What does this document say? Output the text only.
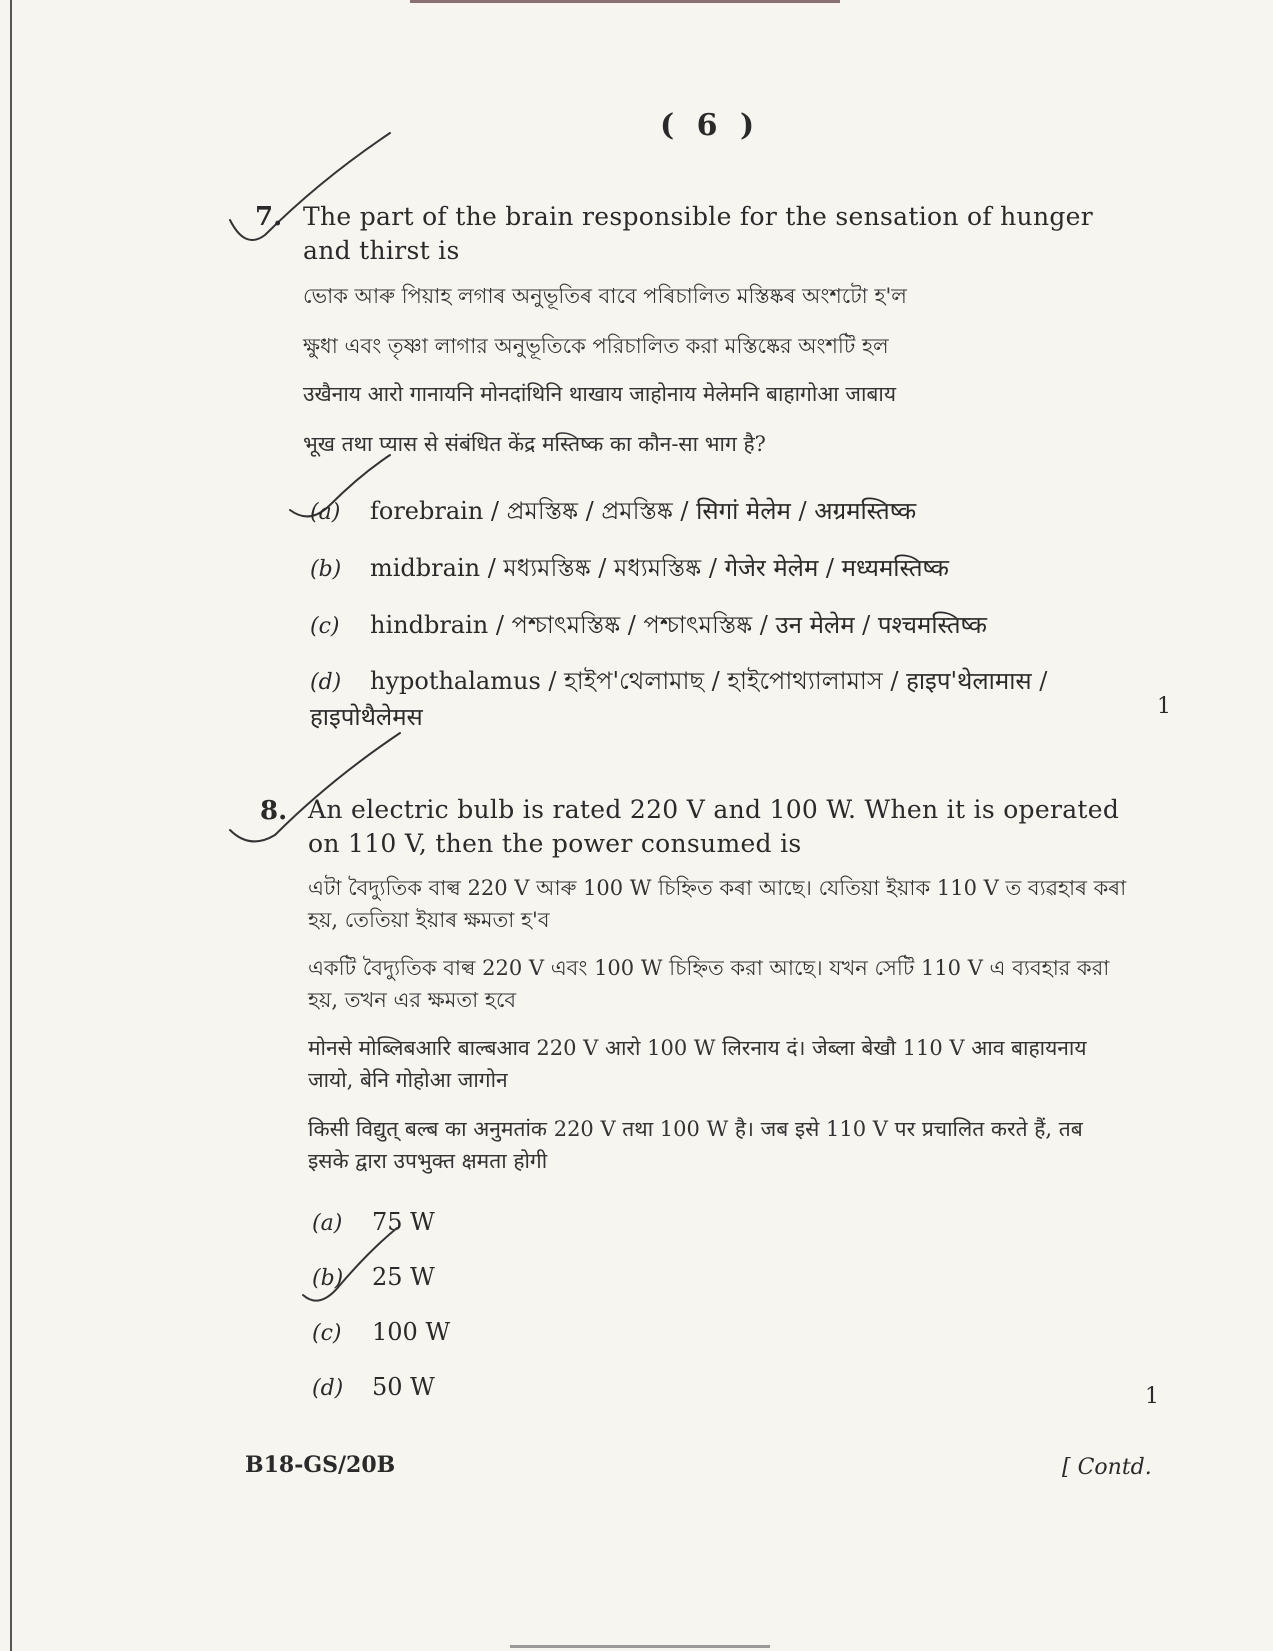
( 6 )
7. The part of the brain responsible for the sensation of hunger and thirst is
ভোক আৰু পিয়াহ লগাৰ অনুভূতিৰ বাবে পৰিচালিত মস্তিষ্কৰ অংশটো হ'ল
ক্ষুধা এবং তৃষ্ণা লাগার অনুভূতিকে পরিচালিত করা মস্তিষ্কের অংশটি হল
उखैनाय आरो गानायनि मोनदांथिनि थाखाय जाहोनाय मेलेमनि बाहागोआ जाबाय
भूख तथा प्यास से संबंधित केंद्र मस्तिष्क का कौन-सा भाग है?
(a) forebrain / প্ৰমস্তিষ্ক / প্ৰমস্তিষ্ক / सिगां मेलेम / अग्रमस्तिष्क
(b) midbrain / মধ্যমস্তিষ্ক / মধ্যমস্তিষ্ক / गेजेर मेलेम / मध्यमस्तिष्क
(c) hindbrain / পশ্চাৎমস্তিষ্ক / পশ্চাৎমস্তিষ্ক / उन मेलेम / पश्चमस्तिष्क
(d) hypothalamus / হাইপ'থেলামাছ / হাইপোথ্যালামাস / हाइप'थेलामास / हाइपोथैलेमस	1
8. An electric bulb is rated 220 V and 100 W. When it is operated on 110 V, then the power consumed is
এটা বৈদ্যুতিক বাল্ব 220 V আৰু 100 W চিহ্নিত কৰা আছে। যেতিয়া ইয়াক 110 V ত ব্যৱহাৰ কৰা হয়, তেতিয়া ইয়াৰ ক্ষমতা হ'ব
একটি বৈদ্যুতিক বাল্ব 220 V এবং 100 W চিহ্নিত করা আছে। যখন সেটি 110 V এ ব্যবহার করা হয়, তখন এর ক্ষমতা হবে
मोनसे मोब्लिबआरि बाल्बआव 220 V आरो 100 W लिरनाय दं। जेब्ला बेखौ 110 V आव बाहायनाय जायो, बेनि गोहोआ जागोन
किसी विद्युत् बल्ब का अनुमतांक 220 V तथा 100 W है। जब इसे 110 V पर प्रचालित करते हैं, तब इसके द्वारा उपभुक्त क्षमता होगी
(a) 75 W
(b) 25 W
(c) 100 W
(d) 50 W	1
B18-GS/20B	[ Contd.
